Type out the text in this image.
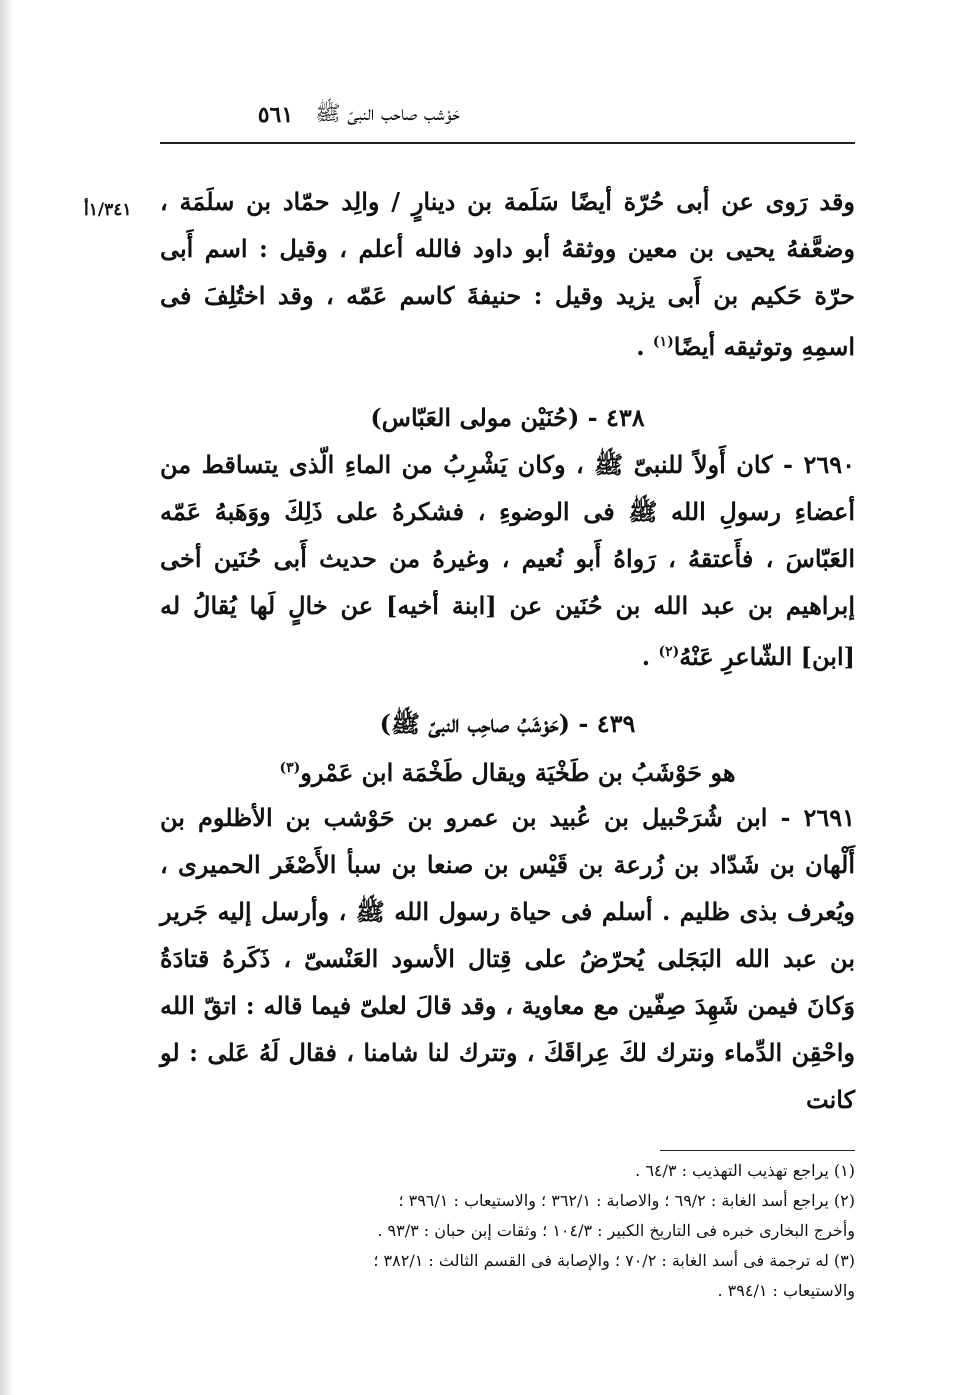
حَوْشب صاحب النبىّ ﷺ
٥٦١
١/٣٤١أ وقد رَوى عن أبى حُرّة أيضًا سَلَمة بن دينارٍ / والِد حمّاد بن سلَمَة ، وضعَّفهُ يحيى بن معين ووثقهُ أبو داود فالله أعلم ، وقيل : اسم أَبى حرّة حَكيم بن أَبى يزيد وقيل : حنيفةَ كاسم عَمّه ، وقد اختُلِفَ فى اسمِهِ وتوثيقه أيضًا$^{(١)}$ .

٤٣٨ - (حُنَيْن مولى العَبّاس)

٢٦٩٠ - كان أَولاً للنبىّ ﷺ ، وكان يَشْرِبُ من الماءِ الّذى يتساقط من أعضاءِ رسولِ الله ﷺ فى الوضوءِ ، فشكرهُ على ذَلِكَ ووَهَبهُ عَمّه العَبّاسَ ، فأَعتقهُ ، رَواهُ أَبو نُعيم ، وغيرهُ من حديث أَبى حُنَين أخى إبراهيم بن عبد الله بن حُنَين عن [ابنة أخيه] عن خالٍ لَها يُقالُ له [ابن] الشّاعرِ عَنْهُ$^{(٢)}$ .

٤٣٩ - (حَوْشَبُ صاحِب النبىّ ﷺ)

هو حَوْشَبُ بن طَخْيَة ويقال طَخْمَة ابن عَمْرو$^{(٣)}$

٢٦٩١ - ابن شُرَحْبيل بن عُبيد بن عمرو بن حَوْشب بن الأظلوم بن أَلْهان بن شَدّاد بن زُرعة بن قَيْس بن صنعا بن سبأ الأَصْغَر الحميرى ، ويُعرف بذى ظليم . أسلم فى حياة رسول الله ﷺ ، وأرسل إليه جَرير بن عبد الله البَجَلى يُحرّضُ على قِتال الأسود العَنْسىّ ، ذَكَرهُ قتادَةُ وَكانَ فيمن شَهِدَ صِفّين مع معاوية ، وقد قالَ لعلىّ فيما قاله : اتقّ الله واحْقِن الدِّماء ونترك لكَ عِراقَكَ ، وتترك لنا شامنا ، فقال لَهُ عَلى : لو كانت

(١) يراجع تهذيب التهذيب : ٦٤/٣ .

(٢) يراجع أسد الغابة : ٦٩/٢ ؛ والاصابة : ٣٦٢/١ ؛ والاستيعاب : ٣٩٦/١ ؛

وأخرج البخارى خبره فى التاريخ الكبير : ١٠٤/٣ ؛ وثقات إبن حبان : ٩٣/٣ .

(٣) له ترجمة فى أسد الغابة : ٧٠/٢ ؛ والإصابة فى القسم الثالث : ٣٨٢/١ ؛

والاستيعاب : ٣٩٤/١ .
